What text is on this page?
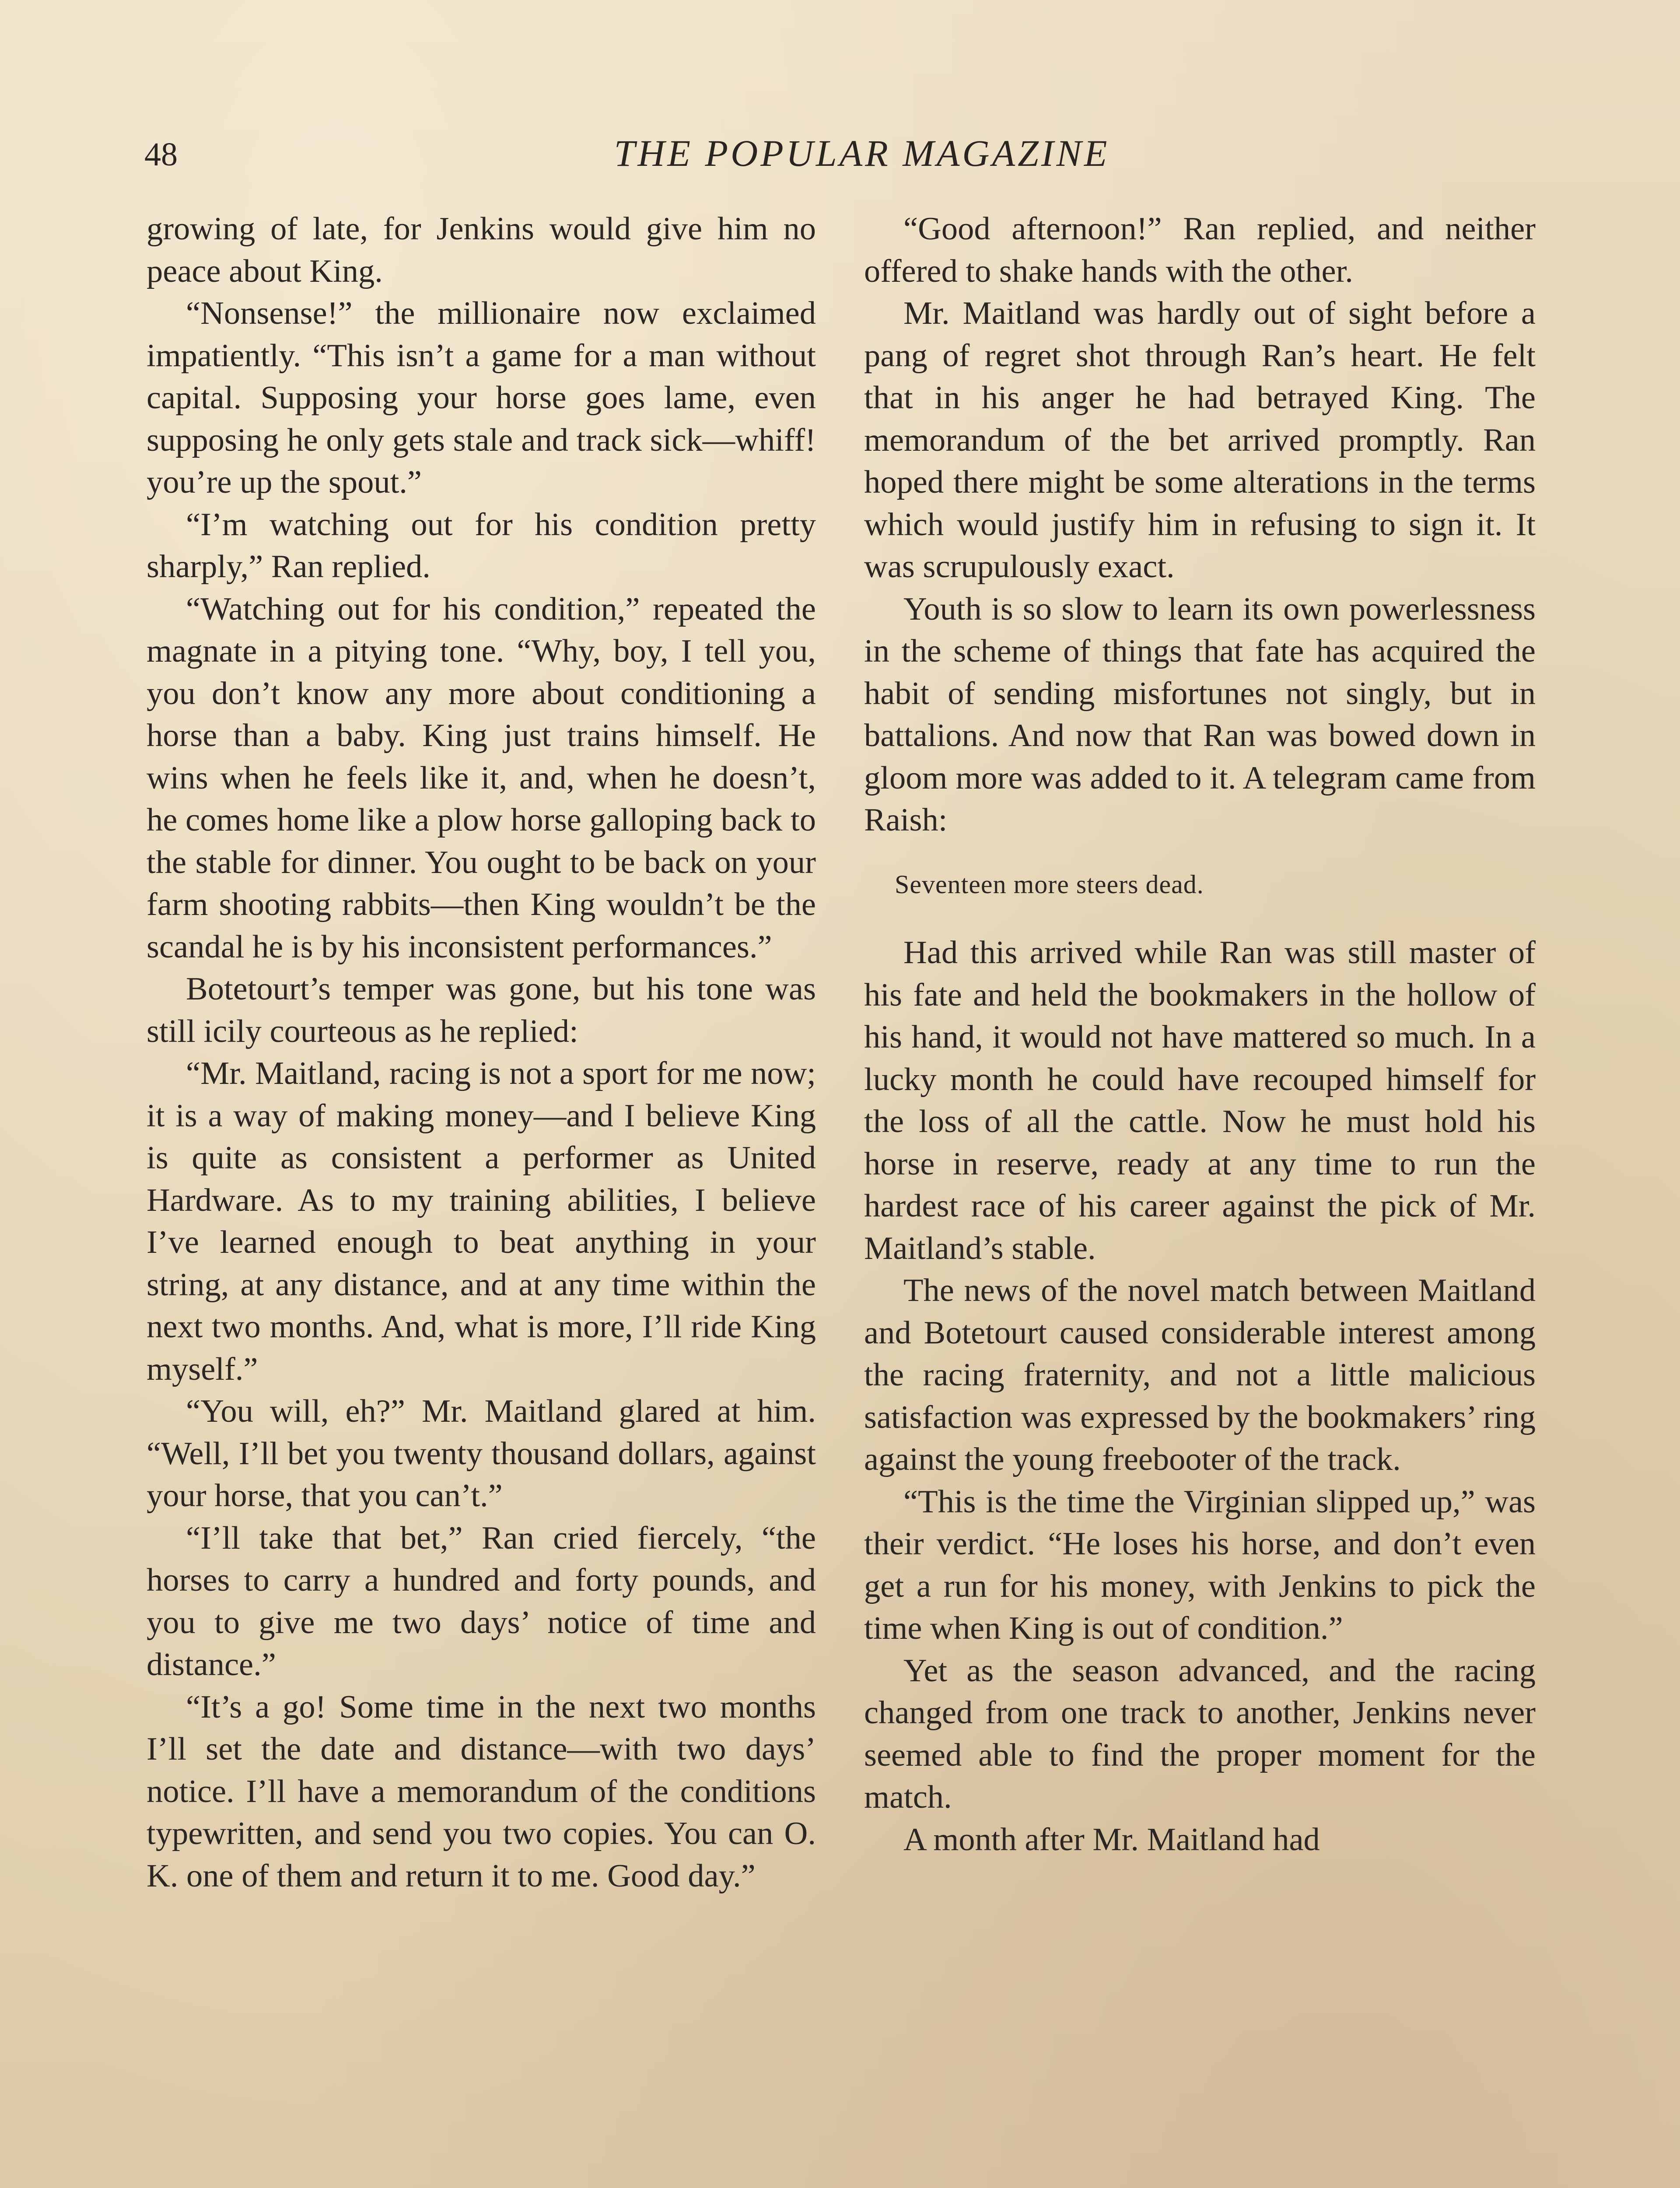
48	THE POPULAR MAGAZINE

growing of late, for Jenkins would give him no peace about King.

“Nonsense!” the millionaire now exclaimed impatiently. “This isn’t a game for a man without capital. Supposing your horse goes lame, even supposing he only gets stale and track sick—whiff! you’re up the spout.”

“I’m watching out for his condition pretty sharply,” Ran replied.

“Watching out for his condition,” repeated the magnate in a pitying tone. “Why, boy, I tell you, you don’t know any more about conditioning a horse than a baby. King just trains himself. He wins when he feels like it, and, when he doesn’t, he comes home like a plow horse galloping back to the stable for dinner. You ought to be back on your farm shooting rabbits—then King wouldn’t be the scandal he is by his inconsistent performances.”

Botetourt’s temper was gone, but his tone was still icily courteous as he replied:

“Mr. Maitland, racing is not a sport for me now; it is a way of making money—and I believe King is quite as consistent a performer as United Hardware. As to my training abilities, I believe I’ve learned enough to beat anything in your string, at any distance, and at any time within the next two months. And, what is more, I’ll ride King myself.”

“You will, eh?” Mr. Maitland glared at him. “Well, I’ll bet you twenty thousand dollars, against your horse, that you can’t.”

“I’ll take that bet,” Ran cried fiercely, “the horses to carry a hundred and forty pounds, and you to give me two days’ notice of time and distance.”

“It’s a go! Some time in the next two months I’ll set the date and distance—with two days’ notice. I’ll have a memorandum of the conditions typewritten, and send you two copies. You can O. K. one of them and return it to me. Good day.”

“Good afternoon!” Ran replied, and neither offered to shake hands with the other.

Mr. Maitland was hardly out of sight before a pang of regret shot through Ran’s heart. He felt that in his anger he had betrayed King. The memorandum of the bet arrived promptly. Ran hoped there might be some alterations in the terms which would justify him in refusing to sign it. It was scrupulously exact.

Youth is so slow to learn its own powerlessness in the scheme of things that fate has acquired the habit of sending misfortunes not singly, but in battalions. And now that Ran was bowed down in gloom more was added to it. A telegram came from Raish:

Seventeen more steers dead.

Had this arrived while Ran was still master of his fate and held the bookmakers in the hollow of his hand, it would not have mattered so much. In a lucky month he could have recouped himself for the loss of all the cattle. Now he must hold his horse in reserve, ready at any time to run the hardest race of his career against the pick of Mr. Maitland’s stable.

The news of the novel match between Maitland and Botetourt caused considerable interest among the racing fraternity, and not a little malicious satisfaction was expressed by the bookmakers’ ring against the young freebooter of the track.

“This is the time the Virginian slipped up,” was their verdict. “He loses his horse, and don’t even get a run for his money, with Jenkins to pick the time when King is out of condition.”

Yet as the season advanced, and the racing changed from one track to another, Jenkins never seemed able to find the proper moment for the match.

A month after Mr. Maitland had
